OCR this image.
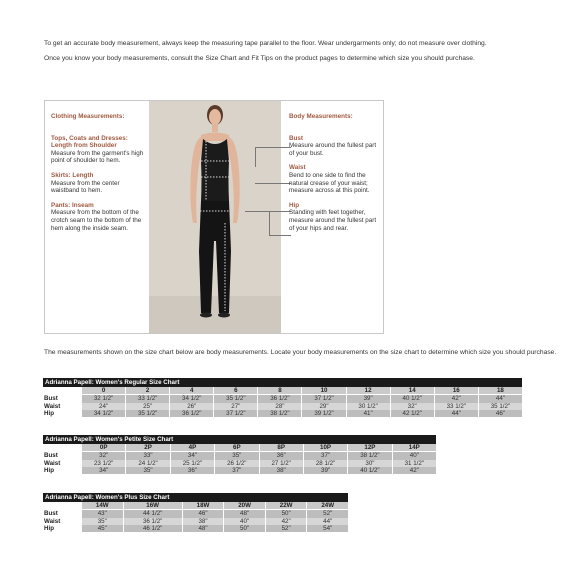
To get an accurate body measurement, always keep the measuring tape parallel to the floor. Wear undergarments only; do not measure over clothing.

Once you know your body measurements, consult the Size Chart and Fit Tips on the product pages to determine which size you should purchase.

Clothing Measurements:
Tops, Coats and Dresses: Length from Shoulder
Measure from the garment's high point of shoulder to hem.
Skirts: Length
Measure from the center waistband to hem.
Pants: Inseam
Measure from the bottom of the crotch seam to the bottom of the hem along the inside seam.
Body Measurements:
Bust
Measure around the fullest part of your bust.
Waist
Bend to one side to find the natural crease of your waist; measure across at this point.
Hip
Standing with feet together, measure around the fullest part of your hips and rear.
The measurements shown on the size chart below are body measurements. Locate your body measurements on the size chart to determine which size you should purchase.
Adrianna Papell: Women's Regular Size Chart										
	0	2	4	6	8	10	12	14	16	18
Bust	32 1/2"	33 1/2"	34 1/2"	35 1/2"	36 1/2"	37 1/2"	39"	40 1/2"	42"	44"
Waist	24"	25"	26"	27"	28"	29"	30 1/2"	32"	33 1/2"	35 1/2"
Hip	34 1/2"	35 1/2"	36 1/2"	37 1/2"	38 1/2"	39 1/2"	41"	42 1/2"	44"	46"
Adrianna Papell: Women's Petite Size Chart								
	0P	2P	4P	6P	8P	10P	12P	14P
Bust	32"	33"	34"	35"	36"	37"	38 1/2"	40"
Waist	23 1/2"	24 1/2"	25 1/2"	26 1/2"	27 1/2"	28 1/2"	30"	31 1/2"
Hip	34"	35"	36"	37"	38"	39"	40 1/2"	42"
Adrianna Papell: Women's Plus Size Chart						
	14W	16W	18W	20W	22W	24W
Bust	43"	44 1/2"	46"	48"	50"	52"
Waist	35"	36 1/2"	38"	40"	42"	44"
Hip	45"	46 1/2"	48"	50"	52"	54"
